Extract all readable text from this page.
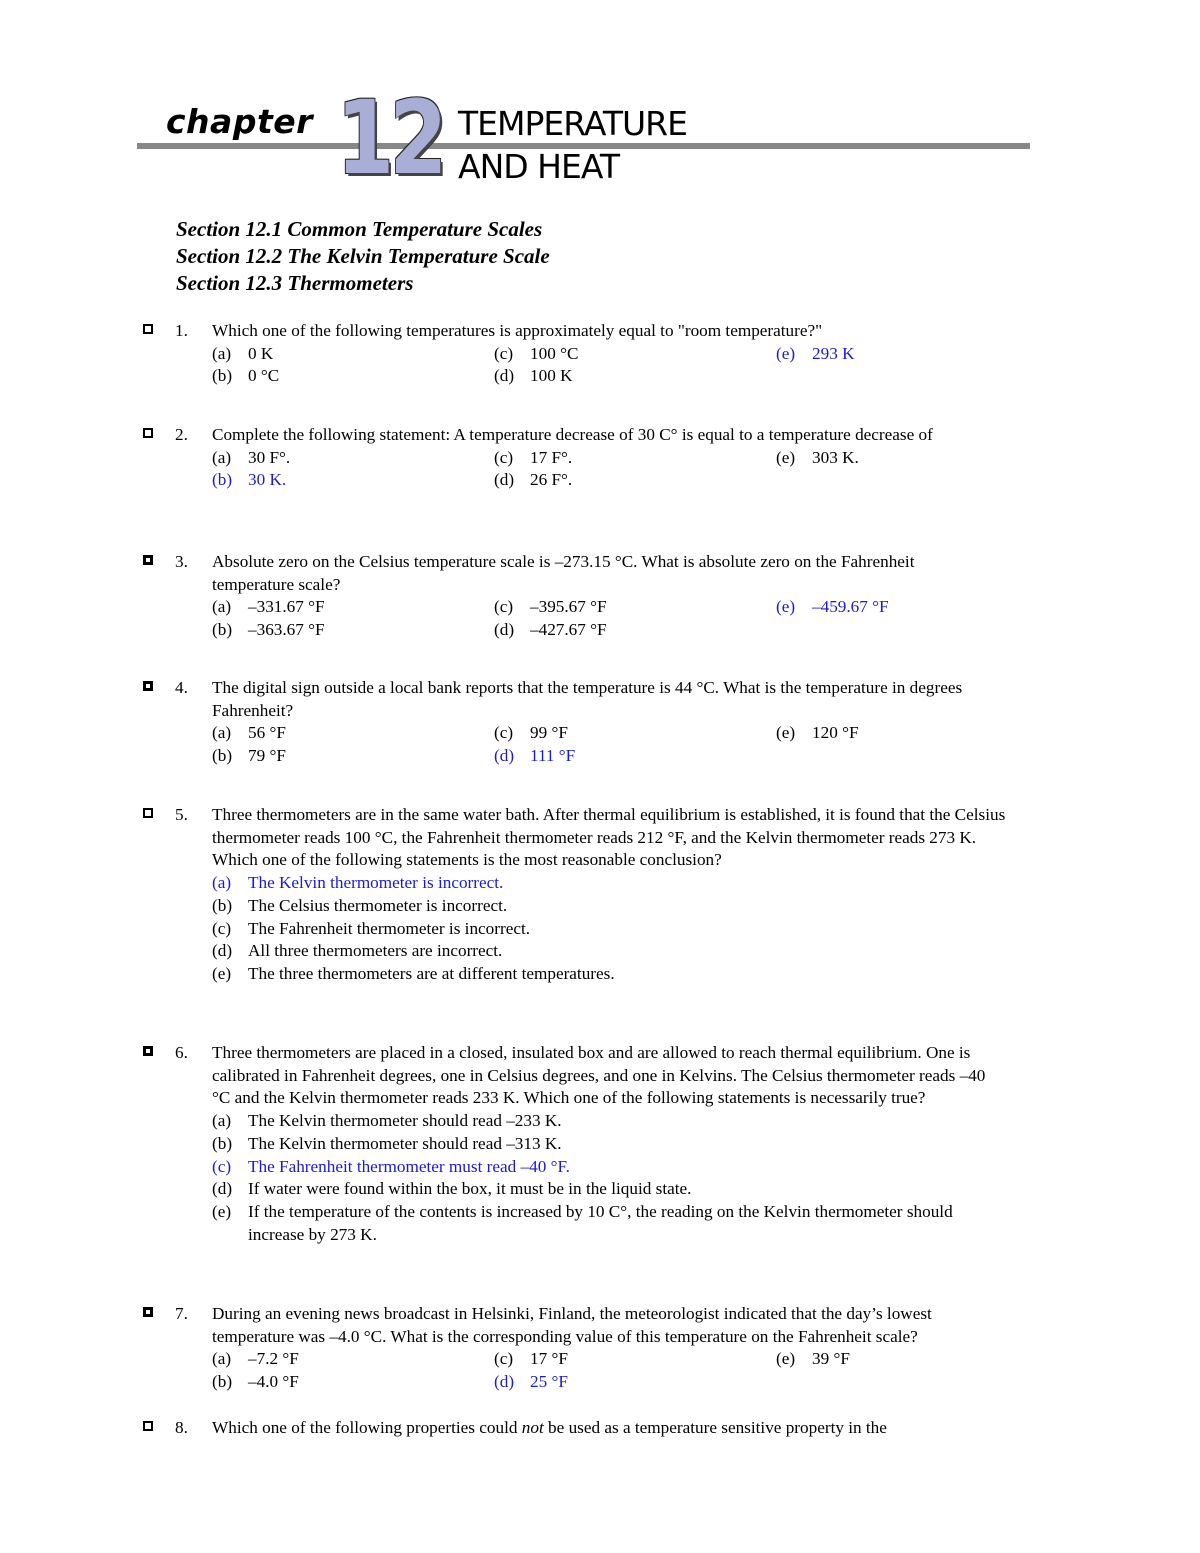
chapter 12 TEMPERATURE
AND HEAT
Section 12.1 Common Temperature Scales
Section 12.2 The Kelvin Temperature Scale
Section 12.3 Thermometers
1. Which one of the following temperatures is approximately equal to "room temperature?"
(a) 0 K	(c) 100 °C	(e) 293 K
(b) 0 °C	(d) 100 K
2. Complete the following statement: A temperature decrease of 30 C° is equal to a temperature decrease of
(a) 30 F°.	(c) 17 F°.	(e) 303 K.
(b) 30 K.	(d) 26 F°.
3. Absolute zero on the Celsius temperature scale is –273.15 °C. What is absolute zero on the Fahrenheit temperature scale?
(a) –331.67 °F	(c) –395.67 °F	(e) –459.67 °F
(b) –363.67 °F	(d) –427.67 °F
4. The digital sign outside a local bank reports that the temperature is 44 °C. What is the temperature in degrees Fahrenheit?
(a) 56 °F	(c) 99 °F	(e) 120 °F
(b) 79 °F	(d) 111 °F
5. Three thermometers are in the same water bath. After thermal equilibrium is established, it is found that the Celsius thermometer reads 100 °C, the Fahrenheit thermometer reads 212 °F, and the Kelvin thermometer reads 273 K. Which one of the following statements is the most reasonable conclusion?
(a) The Kelvin thermometer is incorrect.
(b) The Celsius thermometer is incorrect.
(c) The Fahrenheit thermometer is incorrect.
(d) All three thermometers are incorrect.
(e) The three thermometers are at different temperatures.
6. Three thermometers are placed in a closed, insulated box and are allowed to reach thermal equilibrium. One is calibrated in Fahrenheit degrees, one in Celsius degrees, and one in Kelvins. The Celsius thermometer reads –40 °C and the Kelvin thermometer reads 233 K. Which one of the following statements is necessarily true?
(a) The Kelvin thermometer should read –233 K.
(b) The Kelvin thermometer should read –313 K.
(c) The Fahrenheit thermometer must read –40 °F.
(d) If water were found within the box, it must be in the liquid state.
(e) If the temperature of the contents is increased by 10 C°, the reading on the Kelvin thermometer should increase by 273 K.
7. During an evening news broadcast in Helsinki, Finland, the meteorologist indicated that the day’s lowest temperature was –4.0 °C. What is the corresponding value of this temperature on the Fahrenheit scale?
(a) –7.2 °F	(c) 17 °F	(e) 39 °F
(b) –4.0 °F	(d) 25 °F
8. Which one of the following properties could not be used as a temperature sensitive property in the
